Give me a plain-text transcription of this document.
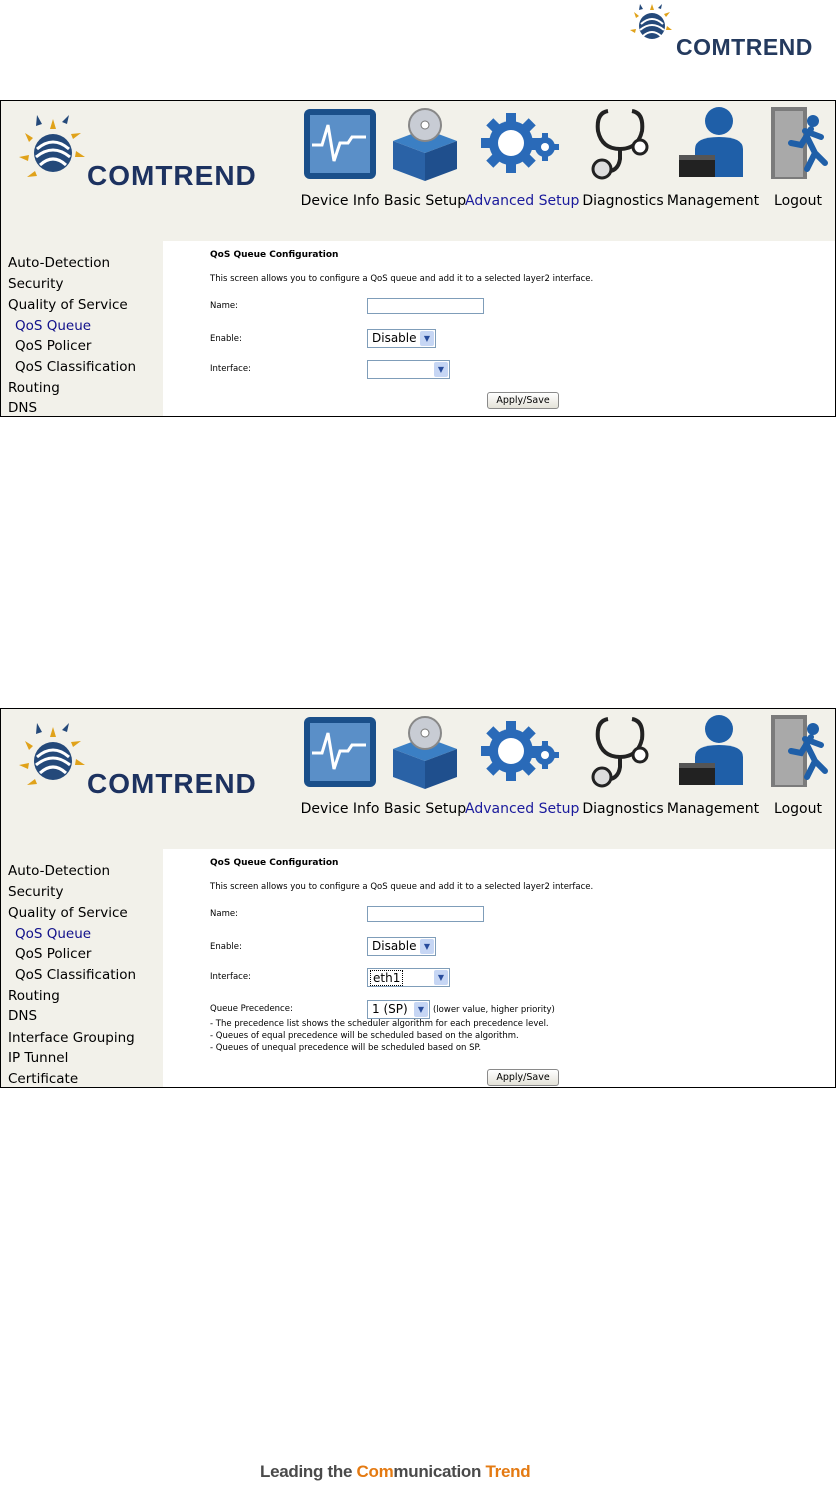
COMTREND
COMTREND
Device Info Basic Setup
Advanced Setup Diagnostics Management	Logout
Auto-Detection
Security
Quality of Service
QoS Queue
QoS Policer
QoS Classification
Routing
DNS
QoS Queue Configuration
This screen allows you to configure a QoS queue and add it to a selected layer2 interface.
Name:
Enable:	Disable ▼
Interface:	▼
Apply/Save
COMTREND
Device Info Basic Setup
Advanced Setup Diagnostics Management	Logout
Auto-Detection
Security
Quality of Service
QoS Queue
QoS Policer
QoS Classification
Routing
DNS
Interface Grouping
IP Tunnel
Certificate
QoS Queue Configuration
This screen allows you to configure a QoS queue and add it to a selected layer2 interface.
Name:
Enable:	Disable ▼
Interface:	eth1	▼
Queue Precedence:	1 (SP)	▼	(lower value, higher priority)
- The precedence list shows the scheduler algorithm for each precedence level.
- Queues of equal precedence will be scheduled based on the algorithm.
- Queues of unequal precedence will be scheduled based on SP.
Apply/Save
Leading the Communication Trend
